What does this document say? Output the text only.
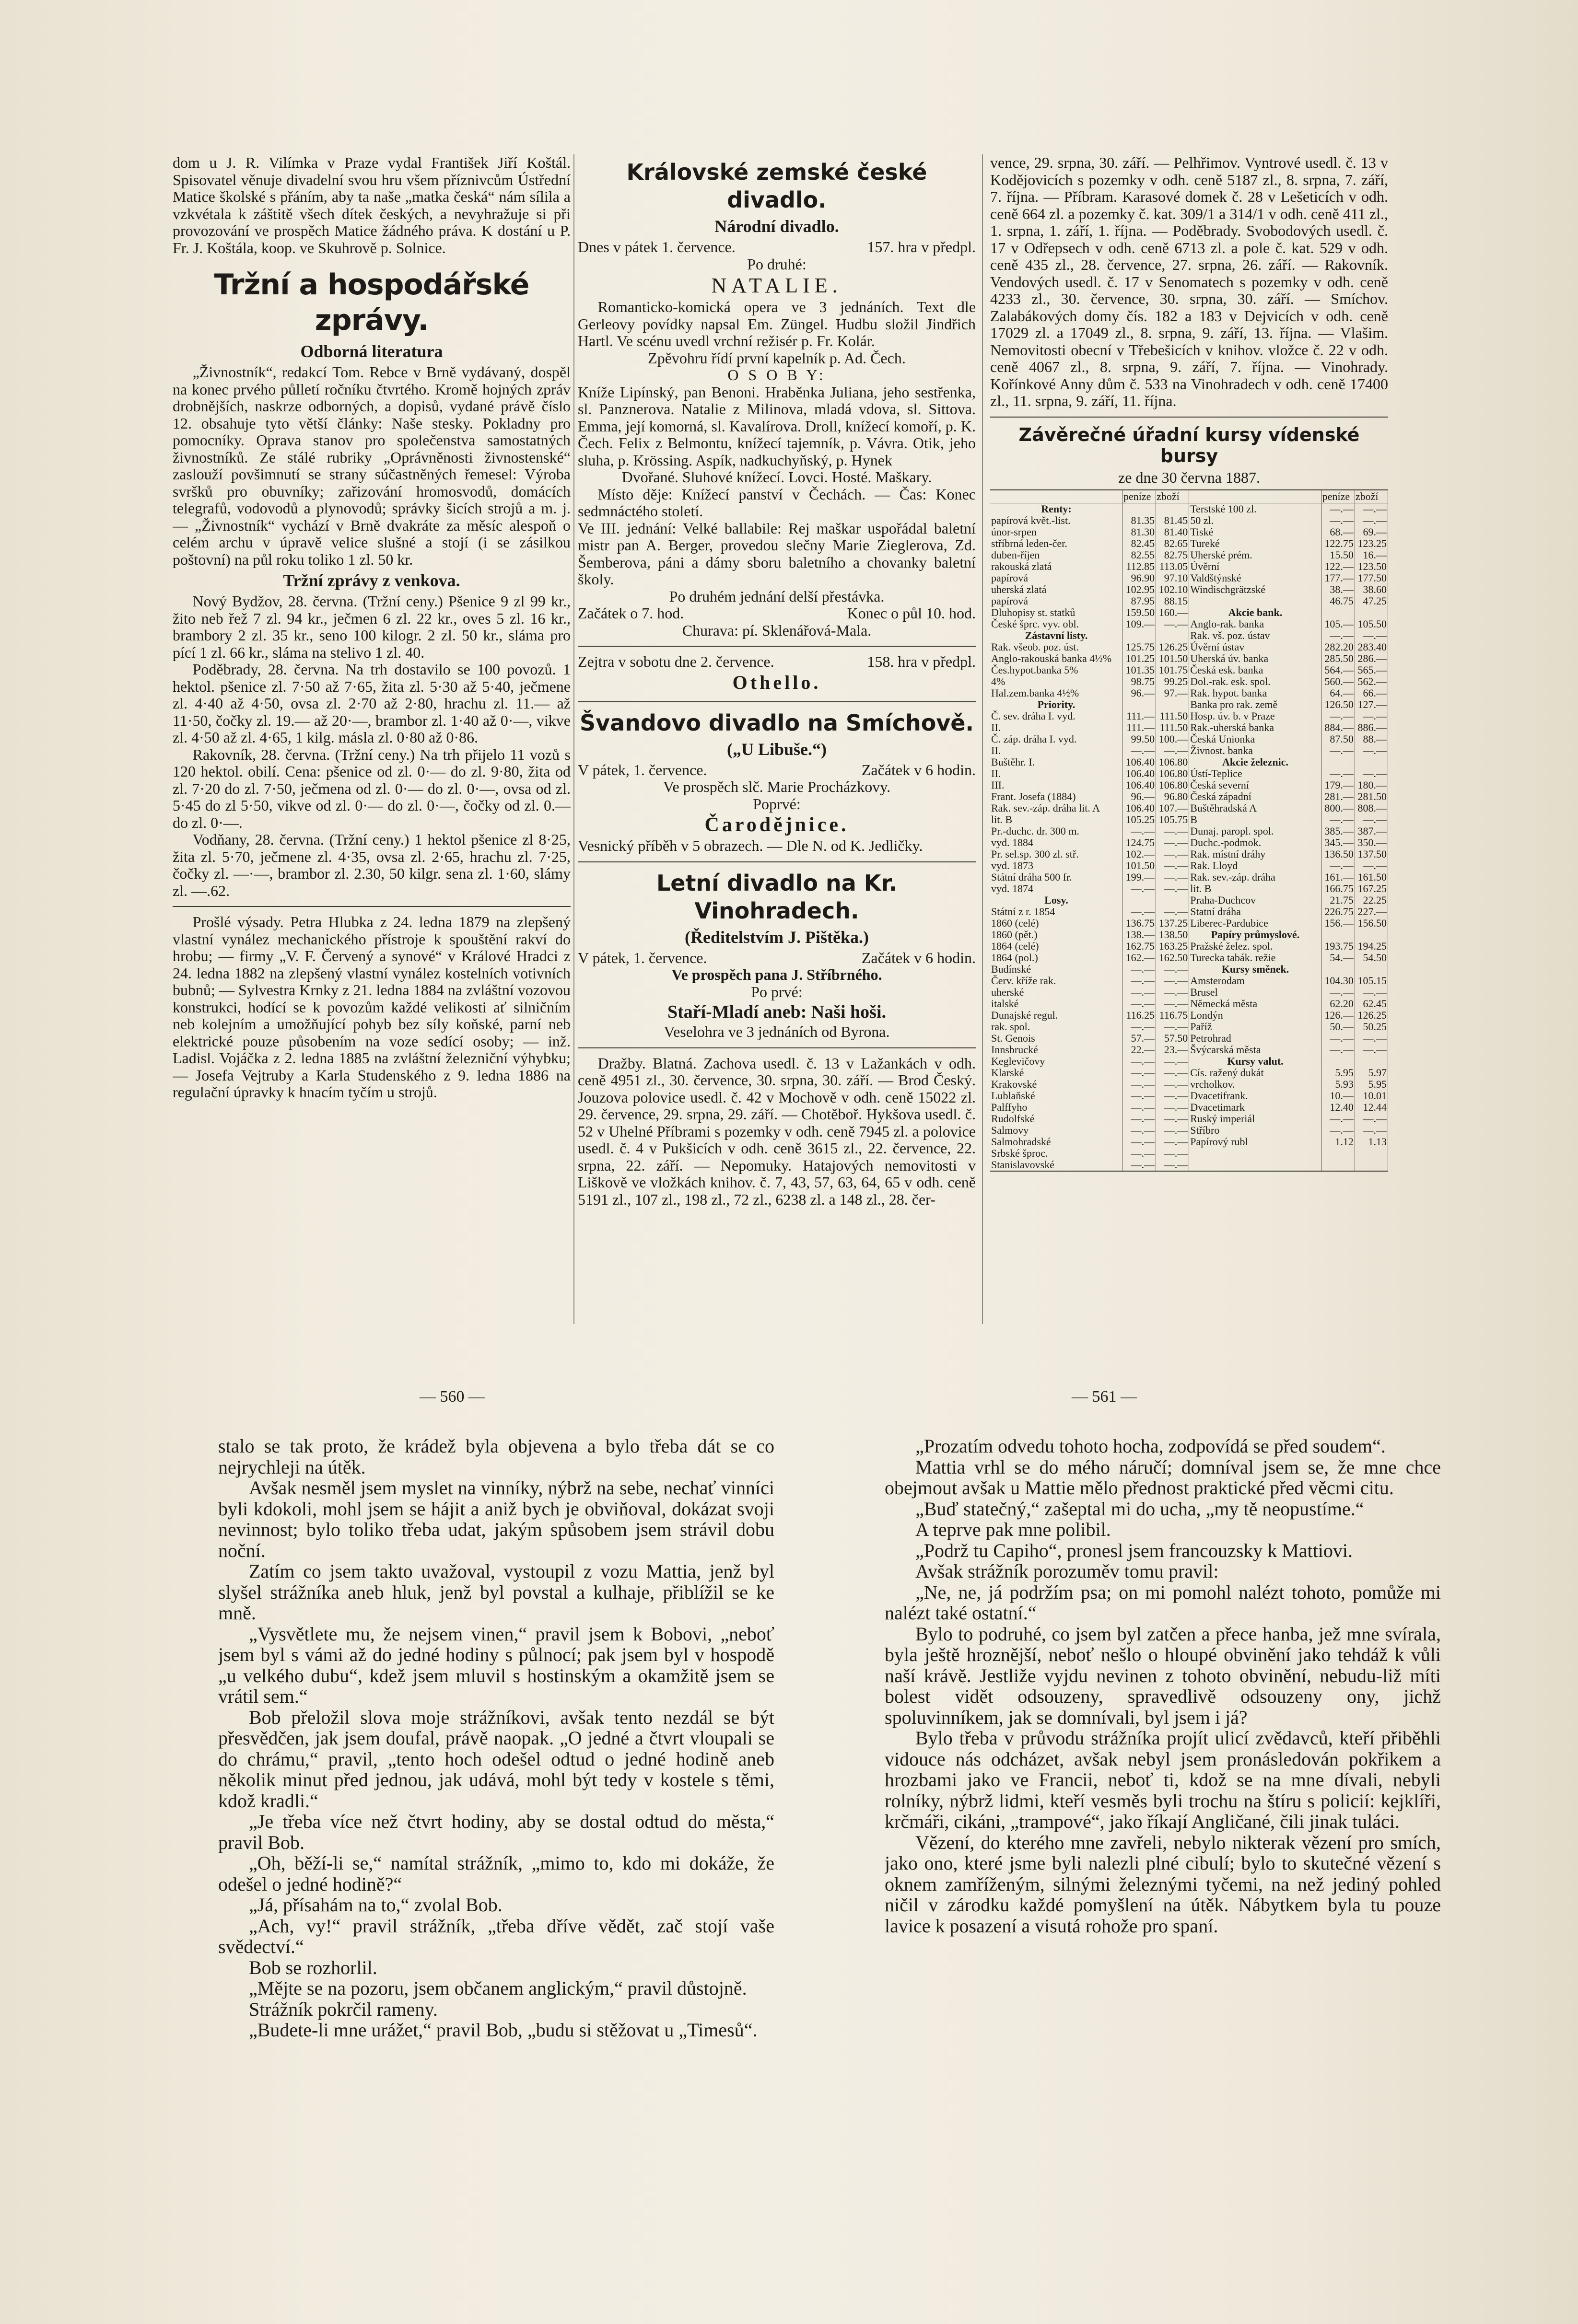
dom u J. R. Vilímka v Praze vydal František Jiří Koštál. Spisovatel věnuje divadelní svou hru všem příznivcům Ústřední Matice školské s přáním, aby ta naše „matka česká“ nám sílila a vzkvétala k záštitě všech dítek českých, a nevyhražuje si při provozování ve prospěch Matice žádného práva. K dostání u P. Fr. J. Koštála, koop. ve Skuhrově p. Solnice.

Tržní a hospodářské zprávy.
Odborná literatura

„Živnostník“, redakcí Tom. Rebce v Brně vydávaný, dospěl na konec prvého půlletí ročníku čtvrtého. Kromě hojných zpráv drobnějších, naskrze odborných, a dopisů, vydané právě číslo 12. obsahuje tyto větší články: Naše stesky. Pokladny pro pomocníky. Oprava stanov pro společenstva samostatných živnostníků. Ze stálé rubriky „Oprávněnosti živnostenské“ zaslouží povšimnutí se strany súčastněných řemesel: Výroba svršků pro obuvníky; zařizování hromosvodů, domácích telegrafů, vodovodů a plynovodů; správky šicích strojů a m. j. — „Živnostník“ vychází v Brně dvakráte za měsíc alespoň o celém archu v úpravě velice slušné a stojí (i se zásilkou poštovní) na půl roku toliko 1 zl. 50 kr.

Tržní zprávy z venkova.

Nový Bydžov, 28. června. (Tržní ceny.) Pšenice 9 zl 99 kr., žito neb řež 7 zl. 94 kr., ječmen 6 zl. 22 kr., oves 5 zl. 16 kr., brambory 2 zl. 35 kr., seno 100 kilogr. 2 zl. 50 kr., sláma pro pící 1 zl. 66 kr., sláma na stelivo 1 zl. 40.

Poděbrady, 28. června. Na trh dostavilo se 100 povozů. 1 hektol. pšenice zl. 7·50 až 7·65, žita zl. 5·30 až 5·40, ječmene zl. 4·40 až 4·50, ovsa zl. 2·70 až 2·80, hrachu zl. 11.— až 11·50, čočky zl. 19.— až 20·—, brambor zl. 1·40 až 0·—, vikve zl. 4·50 až zl. 4·65, 1 kilg. másla zl. 0·80 až 0·86.

Rakovník, 28. června. (Tržní ceny.) Na trh přijelo 11 vozů s 120 hektol. obilí. Cena: pšenice od zl. 0·— do zl. 9·80, žita od zl. 7·20 do zl. 7·50, ječmena od zl. 0·— do zl. 0·—, ovsa od zl. 5·45 do zl 5·50, vikve od zl. 0·— do zl. 0·—, čočky od zl. 0.— do zl. 0·—.

Vodňany, 28. června. (Tržní ceny.) 1 hektol pšenice zl 8·25, žita zl. 5·70, ječmene zl. 4·35, ovsa zl. 2·65, hrachu zl. 7·25, čočky zl. —·—, brambor zl. 2.30, 50 kilgr. sena zl. 1·60, slámy zl. —.62.

Prošlé výsady. Petra Hlubka z 24. ledna 1879 na zlepšený vlastní vynález mechanického přístroje k spouštění rakví do hrobu; — firmy „V. F. Červený a synové“ v Králové Hradci z 24. ledna 1882 na zlepšený vlastní vynález kostelních votivních bubnů; — Sylvestra Krnky z 21. ledna 1884 na zvláštní vozovou konstrukci, hodící se k povozům každé velikosti ať silničním neb kolejním a umožňující pohyb bez síly koňské, parní neb elektrické pouze působením na voze sedící osoby; — inž. Ladisl. Vojáčka z 2. ledna 1885 na zvláštní železniční výhybku; — Josefa Vejtruby a Karla Studenského z 9. ledna 1886 na regulační úpravky k hnacím tyčím u strojů.

Královské zemské české divadlo.
Národní divadlo.
Dnes v pátek 1. července.	157. hra v předpl.
Po druhé:
NATALIE.

Romanticko-komická opera ve 3 jednáních. Text dle Gerleovy povídky napsal Em. Züngel. Hudbu složil Jindřich Hartl. Ve scénu uvedl vrchní režisér p. Fr. Kolár.

Zpěvohru řídí první kapelník p. Ad. Čech.
O S O B Y:

Kníže Lipínský, pan Benoni. Hraběnka Juliana, jeho sestřenka, sl. Panznerova. Natalie z Milinova, mladá vdova, sl. Sittova. Emma, její komorná, sl. Kavalírova. Droll, knížecí komoří, p. K. Čech. Felix z Belmontu, knížecí tajemník, p. Vávra. Otik, jeho sluha, p. Krössing. Aspík, nadkuchyňský, p. Hynek

Dvořané. Sluhové knížecí. Lovci. Hosté. Maškary.

Místo děje: Knížecí panství v Čechách. — Čas: Konec sedmnáctého století.

Ve III. jednání: Velké ballabile: Rej maškar uspořádal baletní mistr pan A. Berger, provedou slečny Marie Zieglerova, Zd. Šemberova, páni a dámy sboru baletního a chovanky baletní školy.

Po druhém jednání delší přestávka.
Začátek o 7. hod.	Konec o půl 10. hod.
Churava: pí. Sklenářová-Mala.
Zejtra v sobotu dne 2. července.	158. hra v předpl.
Othello.
Švandovo divadlo na Smíchově.
(„U Libuše.“)
V pátek, 1. července.	Začátek v 6 hodin.
Ve prospěch slč. Marie Procházkovy.
Poprvé:
Čarodějnice.

Vesnický příběh v 5 obrazech. — Dle N. od K. Jedličky.

Letní divadlo na Kr. Vinohradech.
(Ředitelstvím J. Pištěka.)
V pátek, 1. července.	Začátek v 6 hodin.
Ve prospěch pana J. Stříbrného.
Po prvé:
Staří-Mladí aneb: Naši hoši.
Veselohra ve 3 jednáních od Byrona.

Dražby. Blatná. Zachova usedl. č. 13 v Lažankách v odh. ceně 4951 zl., 30. července, 30. srpna, 30. září. — Brod Český. Jouzova polovice usedl. č. 42 v Mochově v odh. ceně 15022 zl. 29. července, 29. srpna, 29. září. — Chotěboř. Hykšova usedl. č. 52 v Uhelné Příbrami s pozemky v odh. ceně 7945 zl. a polovice usedl. č. 4 v Pukšicích v odh. ceně 3615 zl., 22. července, 22. srpna, 22. září. — Nepomuky. Hatajových nemovitosti v Liškově ve vložkách knihov. č. 7, 43, 57, 63, 64, 65 v odh. ceně 5191 zl., 107 zl., 198 zl., 72 zl., 6238 zl. a 148 zl., 28. čer-

vence, 29. srpna, 30. září. — Pelhřimov. Vyntrové usedl. č. 13 v Kodějovicích s pozemky v odh. ceně 5187 zl., 8. srpna, 7. září, 7. října. — Příbram. Karasové domek č. 28 v Lešeticích v odh. ceně 664 zl. a pozemky č. kat. 309/1 a 314/1 v odh. ceně 411 zl., 1. srpna, 1. září, 1. října. — Poděbrady. Svobodových usedl. č. 17 v Odřepsech v odh. ceně 6713 zl. a pole č. kat. 529 v odh. ceně 435 zl., 28. července, 27. srpna, 26. září. — Rakovník. Vendových usedl. č. 17 v Senomatech s pozemky v odh. ceně 4233 zl., 30. července, 30. srpna, 30. září. — Smíchov. Zalabákových domy čís. 182 a 183 v Dejvicích v odh. ceně 17029 zl. a 17049 zl., 8. srpna, 9. září, 13. října. — Vlašim. Nemovitosti obecní v Třebešicích v knihov. vložce č. 22 v odh. ceně 4067 zl., 8. srpna, 9. září, 7. října. — Vinohrady. Kořínkové Anny dům č. 533 na Vinohradech v odh. ceně 17400 zl., 11. srpna, 9. září, 11. října.

Závěrečné úřadní kursy vídenské bursy
ze dne 30 června 1887.
	peníze	zboží		peníze	zboží
Renty:			Terstské 100 zl.	—.—	—.—
papírová květ.-list.	81.35	81.45	50 zl.	—.—	—.—
únor-srpen	81.30	81.40	Tiské	68.—	69.—
stříbrná leden-čer.	82.45	82.65	Tureké	122.75	123.25
duben-říjen	82.55	82.75	Uherské prém.	15.50	16.—
rakouská zlatá	112.85	113.05	Úvěrní	122.—	123.50
papírová	96.90	97.10	Valdštýnské	177.—	177.50
uherská zlatá	102.95	102.10	Windischgrätzské	38.—	38.60
papírová	87.95	88.15		46.75	47.25
Dluhopisy st. statků	159.50	160.—	Akcie bank.		
České šprc. vyv. obl.	109.—	—.—	Anglo-rak. banka	105.—	105.50
Zástavní listy.			Rak. vš. poz. ústav	—.—	—.—
Rak. všeob. poz. úst.	125.75	126.25	Úvěrní ústav	282.20	283.40
Anglo-rakouská banka 4½%	101.25	101.50	Uherská úv. banka	285.50	286.—
Čes.hypot.banka 5%	101.35	101.75	Česká esk. banka	564.—	565.—
4%	98.75	99.25	Dol.-rak. esk. spol.	560.—	562.—
Hal.zem.banka 4½%	96.—	97.—	Rak. hypot. banka	64.—	66.—
Priority.			Banka pro rak. země	126.50	127.—
Č. sev. dráha I. vyd.	111.—	111.50	Hosp. úv. b. v Praze	—.—	—.—
II.	111.—	111.50	Rak.-uherská banka	884.—	886.—
Č. záp. dráha I. vyd.	99.50	100.—	Česká Unionka	87.50	88.—
II.	—.—	—.—	Živnost. banka	—.—	—.—
Buštěhr. I.	106.40	106.80	Akcie železnic.		
II.	106.40	106.80	Ústí-Teplice	—.—	—.—
III.	106.40	106.80	Česká severní	179.—	180.—
Frant. Josefa (1884)	96.—	96.80	Česká západní	281.—	281.50
Rak. sev.-záp. dráha lit. A	106.40	107.—	Buštěhradská A	800.—	808.—
lit. B	105.25	105.75	B	—.—	—.—
Pr.-duchc. dr. 300 m.	—.—	—.—	Dunaj. paropl. spol.	385.—	387.—
vyd. 1884	124.75	—.—	Duchc.-podmok.	345.—	350.—
Pr. sel.sp. 300 zl. stř.	102.—	—.—	Rak. místní dráhy	136.50	137.50
vyd. 1873	101.50	—.—	Rak. Lloyd	—.—	—.—
Státní dráha 500 fr.	199.—	—.—	Rak. sev.-záp. dráha	161.—	161.50
vyd. 1874	—.—	—.—	lit. B	166.75	167.25
Losy.			Praha-Duchcov	21.75	22.25
Státní z r. 1854	—.—	—.—	Statní dráha	226.75	227.—
1860 (celé)	136.75	137.25	Liberec-Pardubice	156.—	156.50
1860 (pět.)	138.—	138.50	Papíry průmyslové.		
1864 (celé)	162.75	163.25	Pražské želez. spol.	193.75	194.25
1864 (pol.)	162.—	162.50	Turecka tabák. režie	54.—	54.50
Budínské	—.—	—.—	Kursy směnek.		
Červ. kříže rak.	—.—	—.—	Amsterodam	104.30	105.15
uherské	—.—	—.—	Brusel	—.—	—.—
italské	—.—	—.—	Německá města	62.20	62.45
Dunajské regul.	116.25	116.75	Londýn	126.—	126.25
rak. spol.	—.—	—.—	Paříž	50.—	50.25
St. Genois	57.—	57.50	Petrohrad	—.—	—.—
Innsbrucké	22.—	23.—	Švýcarská města	—.—	—.—
Keglevičovy	—.—	—.—	Kursy valut.		
Klarské	—.—	—.—	Cís. ražený dukát	5.95	5.97
Krakovské	—.—	—.—	vrcholkov.	5.93	5.95
Lublaňské	—.—	—.—	Dvacetifrank.	10.—	10.01
Palffyho	—.—	—.—	Dvacetimark	12.40	12.44
Rudolfské	—.—	—.—	Ruský imperiál	—.—	—.—
Salmovy	—.—	—.—	Stříbro	—.—	—.—
Salmohradské	—.—	—.—	Papírový rubl	1.12	1.13
Srbské šproc.	—.—	—.—			
Stanislavovské	—.—	—.—			
— 560 —	— 561 —

stalo se tak proto, že krádež byla objevena a bylo třeba dát se co nejrychleji na útěk.

Avšak nesměl jsem myslet na vinníky, nýbrž na sebe, nechať vinníci byli kdokoli, mohl jsem se hájit a aniž bych je obviňoval, dokázat svoji nevinnost; bylo toliko třeba udat, jakým spůsobem jsem strávil dobu noční.

Zatím co jsem takto uvažoval, vystoupil z vozu Mattia, jenž byl slyšel strážníka aneb hluk, jenž byl povstal a kulhaje, přiblížil se ke mně.

„Vysvětlete mu, že nejsem vinen,“ pravil jsem k Bobovi, „neboť jsem byl s vámi až do jedné hodiny s půlnocí; pak jsem byl v hospodě „u velkého dubu“, kdež jsem mluvil s hostinským a okamžitě jsem se vrátil sem.“

Bob přeložil slova moje strážníkovi, avšak tento nezdál se být přesvědčen, jak jsem doufal, právě naopak. „O jedné a čtvrt vloupali se do chrámu,“ pravil, „tento hoch odešel odtud o jedné hodině aneb několik minut před jednou, jak udává, mohl být tedy v kostele s těmi, kdož kradli.“

„Je třeba více než čtvrt hodiny, aby se dostal odtud do města,“ pravil Bob.

„Oh, běží-li se,“ namítal strážník, „mimo to, kdo mi dokáže, že odešel o jedné hodině?“

„Já, přísahám na to,“ zvolal Bob.

„Ach, vy!“ pravil strážník, „třeba dříve vědět, zač stojí vaše svědectví.“

Bob se rozhorlil.

„Mějte se na pozoru, jsem občanem anglickým,“ pravil důstojně.

Strážník pokrčil rameny.

„Budete-li mne urážet,“ pravil Bob, „budu si stěžovat u „Timesů“.

„Prozatím odvedu tohoto hocha, zodpovídá se před soudem“.

Mattia vrhl se do mého náručí; domníval jsem se, že mne chce obejmout avšak u Mattie mělo přednost praktické před věcmi citu.

„Buď statečný,“ zašeptal mi do ucha, „my tě neopustíme.“

A teprve pak mne polibil.

„Podrž tu Capiho“, pronesl jsem francouzsky k Mattiovi.

Avšak strážník porozuměv tomu pravil:

„Ne, ne, já podržím psa; on mi pomohl nalézt tohoto, pomůže mi nalézt také ostatní.“

Bylo to podruhé, co jsem byl zatčen a přece hanba, jež mne svírala, byla ještě hroznější, neboť nešlo o hloupé obvinění jako tehdáž k vůli naší krávě. Jestliže vyjdu nevinen z tohoto obvinění, nebudu-liž míti bolest vidět odsouzeny, spravedlivě odsouzeny ony, jichž spoluvinníkem, jak se domnívali, byl jsem i já?

Bylo třeba v průvodu strážníka projít ulicí zvědavců, kteří přiběhli vidouce nás odcházet, avšak nebyl jsem pronásledován pokřikem a hrozbami jako ve Francii, neboť ti, kdož se na mne dívali, nebyli rolníky, nýbrž lidmi, kteří vesměs byli trochu na štíru s policií: kejklíři, krčmáři, cikáni, „trampové“, jako říkají Angličané, čili jinak tuláci.

Vězení, do kterého mne zavřeli, nebylo nikterak vězení pro smích, jako ono, které jsme byli nalezli plné cibulí; bylo to skutečné vězení s oknem zamříženým, silnými železnými tyčemi, na než jediný pohled ničil v zárodku každé pomyšlení na útěk. Nábytkem byla tu pouze lavice k posazení a visutá rohože pro spaní.
